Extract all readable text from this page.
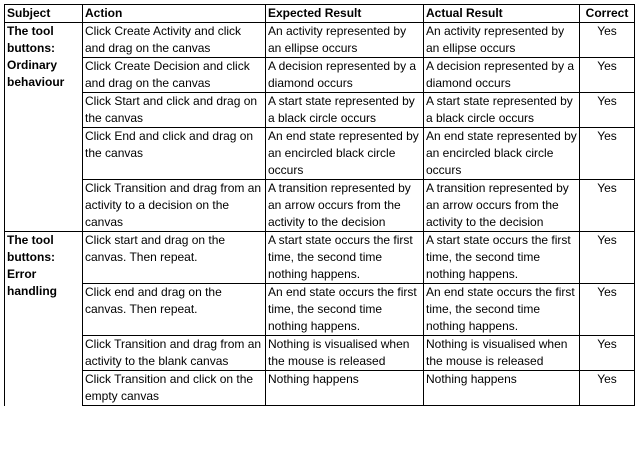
Subject	Action	Expected Result	Actual Result	Correct
The tool buttons: Ordinary behaviour	Click Create Activity and click and drag on the canvas	An activity represented by an ellipse occurs	An activity represented by an ellipse occurs	Yes
	Click Create Decision and click and drag on the canvas	A decision represented by a diamond occurs	A decision represented by a diamond occurs	Yes
	Click Start and click and drag on the canvas	A start state represented by a black circle occurs	A start state represented by a black circle occurs	Yes
	Click End and click and drag on the canvas	An end state represented by an encircled black circle occurs	An end state represented by an encircled black circle occurs	Yes
	Click Transition and drag from an activity to a decision on the canvas	A transition represented by an arrow occurs from the activity to the decision	A transition represented by an arrow occurs from the activity to the decision	Yes
The tool buttons: Error handling	Click start and drag on the canvas. Then repeat.	A start state occurs the first time, the second time nothing happens.	A start state occurs the first time, the second time nothing happens.	Yes
	Click end and drag on the canvas. Then repeat.	An end state occurs the first time, the second time nothing happens.	An end state occurs the first time, the second time nothing happens.	Yes
	Click Transition and drag from an activity to the blank canvas	Nothing is visualised when the mouse is released	Nothing is visualised when the mouse is released	Yes
	Click Transition and click on the empty canvas	Nothing happens	Nothing happens	Yes
